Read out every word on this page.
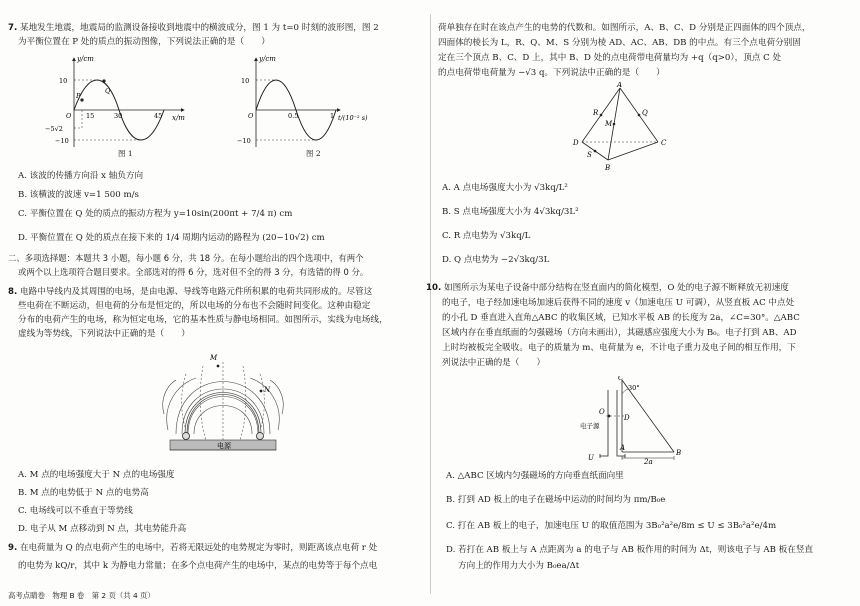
7. 某地发生地震，地震局的监测设备接收到地震中的横波成分，图 1 为 t=0 时刻的波形图，图 2
为平衡位置在 P 处的质点的振动图像，下列说法正确的是（　　）
y/cm
x/m
10
−5√2
−10
O 15	30	45
P
Q
图 1
y/cm
t/(10⁻² s)
10
−10
O	0.5	1
图 2
A. 该波的传播方向沿 x 轴负方向
B. 该横波的波速 v=1 500 m/s
C. 平衡位置在 Q 处的质点的振动方程为 y=10sin(200πt + 7/4 π) cm
D. 平衡位置在 Q 处的质点在接下来的 1/4 周期内运动的路程为 (20−10√2) cm
二、多项选择题：本题共 3 小题，每小题 6 分，共 18 分。在每小题给出的四个选项中，有两个
或两个以上选项符合题目要求。全部选对的得 6 分，选对但不全的得 3 分，有选错的得 0 分。
8. 电路中导线内及其周围的电场，是由电源、导线等电路元件所积累的电荷共同形成的。尽管这
些电荷在不断运动，但电荷的分布是恒定的，所以电场的分布也不会随时间变化。这种由稳定
分布的电荷产生的电场，称为恒定电场，它的基本性质与静电场相同。如图所示，实线为电场线，
虚线为等势线，下列说法中正确的是（　　）
电源
M
N
A. M 点的电场强度大于 N 点的电场强度
B. M 点的电势低于 N 点的电势高
C. 电场线可以不垂直于等势线
D. 电子从 M 点移动到 N 点，其电势能升高
9. 在电荷量为 Q 的点电荷产生的电场中，若将无限远处的电势规定为零时，则距离该点电荷 r 处
的电势为 kQ/r，其中 k 为静电力常量；在多个点电荷产生的电场中，某点的电势等于每个点电
高考点睛卷　物理 B 卷　第 2 页（共 4 页）
荷单独存在时在该点产生的电势的代数和。如图所示，A、B、C、D 分别是正四面体的四个顶点，
四面体的棱长为 L，R、Q、M、S 分别为棱 AD、AC、AB、DB 的中点。有三个点电荷分别固
定在三个顶点 B、C、D 上，其中 B、D 处的点电荷带电荷量均为 +q（q>0），顶点 C 处
的点电荷带电荷量为 −√3 q。下列说法中正确的是（　　）
A
B
C
D
R
M
Q
S
A. A 点电场强度大小为 √3kq/L²
B. S 点电场强度大小为 4√3kq/3L²
C. R 点电势为 √3kq/L
D. Q 点电势为 −2√3kq/3L
10. 如图所示为某电子设备中部分结构在竖直面内的简化模型，O 处的电子源不断释放无初速度
的电子，电子经加速电场加速后获得不同的速度 v（加速电压 U 可调），从竖直板 AC 中点处
的小孔 D 垂直进入直角△ABC 的收集区域，已知水平板 AB 的长度为 2a，∠C=30°。△ABC
区域内存在垂直纸面的匀强磁场（方向未画出），其磁感应强度大小为 B₀。电子打到 AB、AD
上时均被板完全吸收。电子的质量为 m、电荷量为 e，不计电子重力及电子间的相互作用，下
列说法中正确的是（　　）
C
30°
O
D
电子源
U
A
B
2a
A. △ABC 区域内匀强磁场的方向垂直纸面向里
B. 打到 AD 板上的电子在磁场中运动的时间均为 πm/B₀e
C. 打在 AB 板上的电子，加速电压 U 的取值范围为 3B₀²a²e/8m ≤ U ≤ 3B₀²a²e/4m
D. 若打在 AB 板上与 A 点距离为 a 的电子与 AB 板作用的时间为 Δt，则该电子与 AB 板在竖直
方向上的作用力大小为 B₀ea/Δt
